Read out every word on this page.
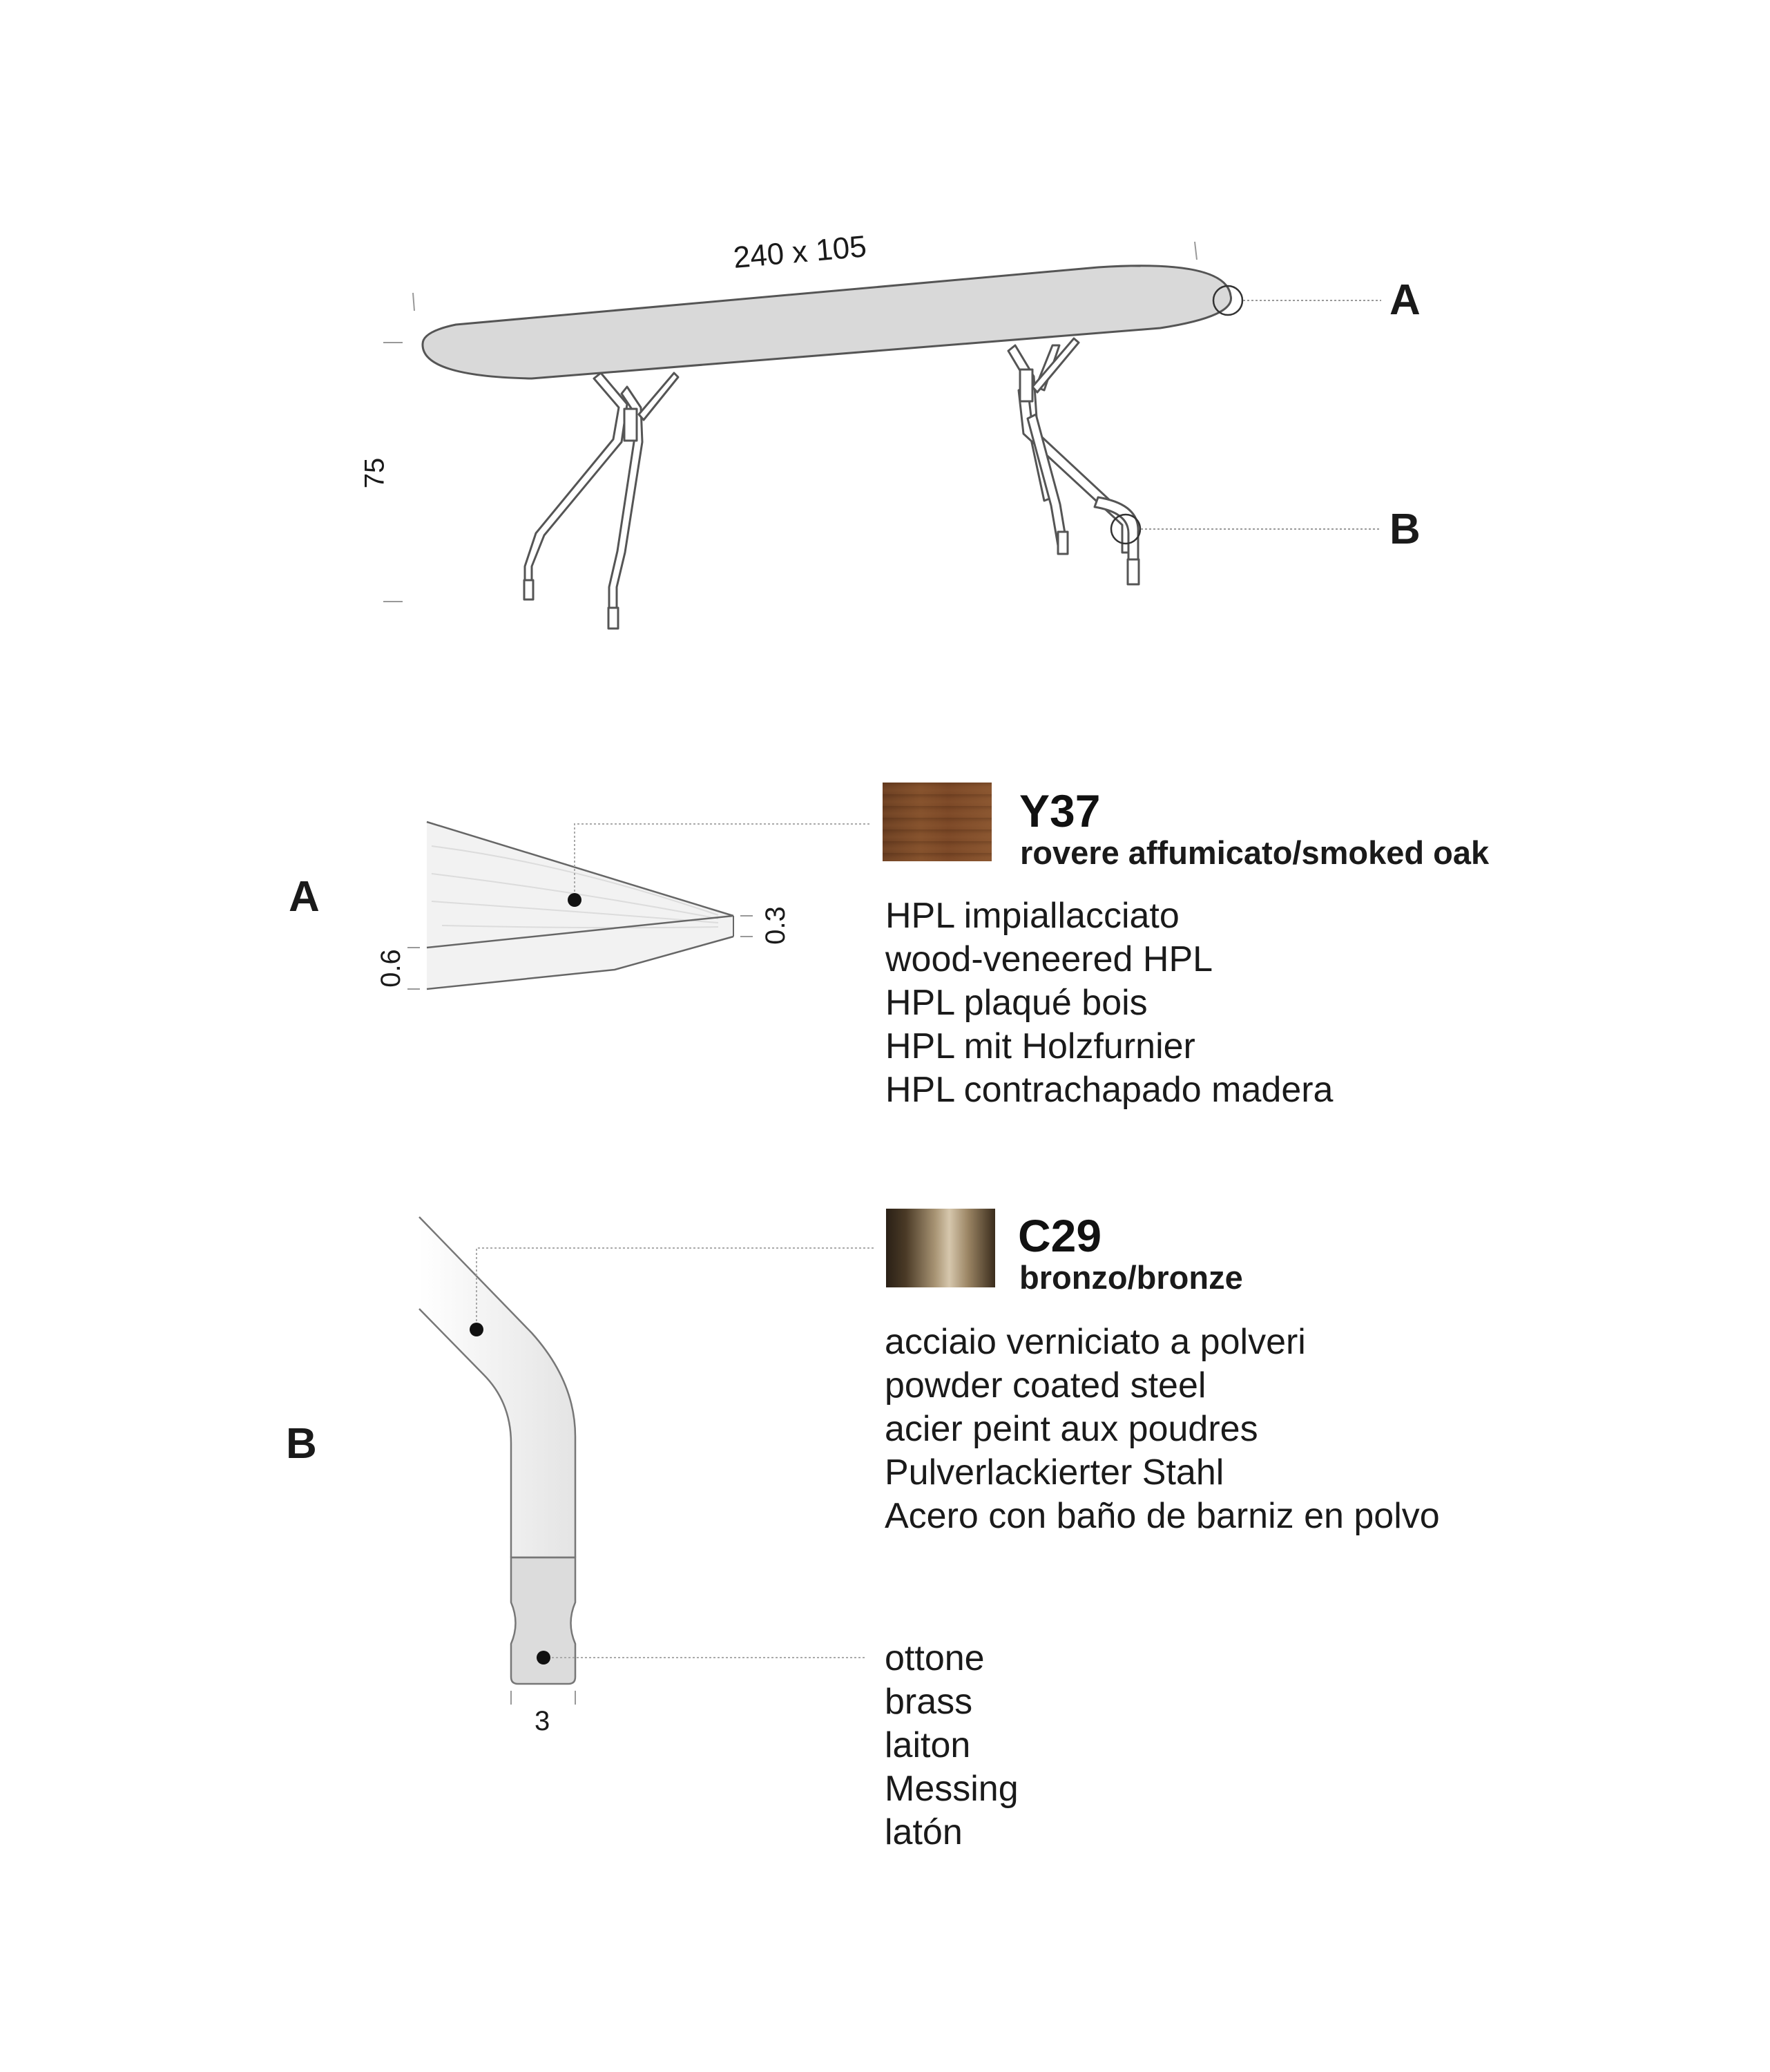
240 x 105
75
A
B
A
0.3
0.6
Y37
rovere affumicato/smoked oak
HPL impiallacciato
wood-veneered HPL
HPL plaqué bois
HPL mit Holzfurnier
HPL contrachapado madera
B
3
C29
bronzo/bronze
acciaio verniciato a polveri
powder coated steel
acier peint aux poudres
Pulverlackierter Stahl
Acero con baño de barniz en polvo
ottone
brass
laiton
Messing
latón
